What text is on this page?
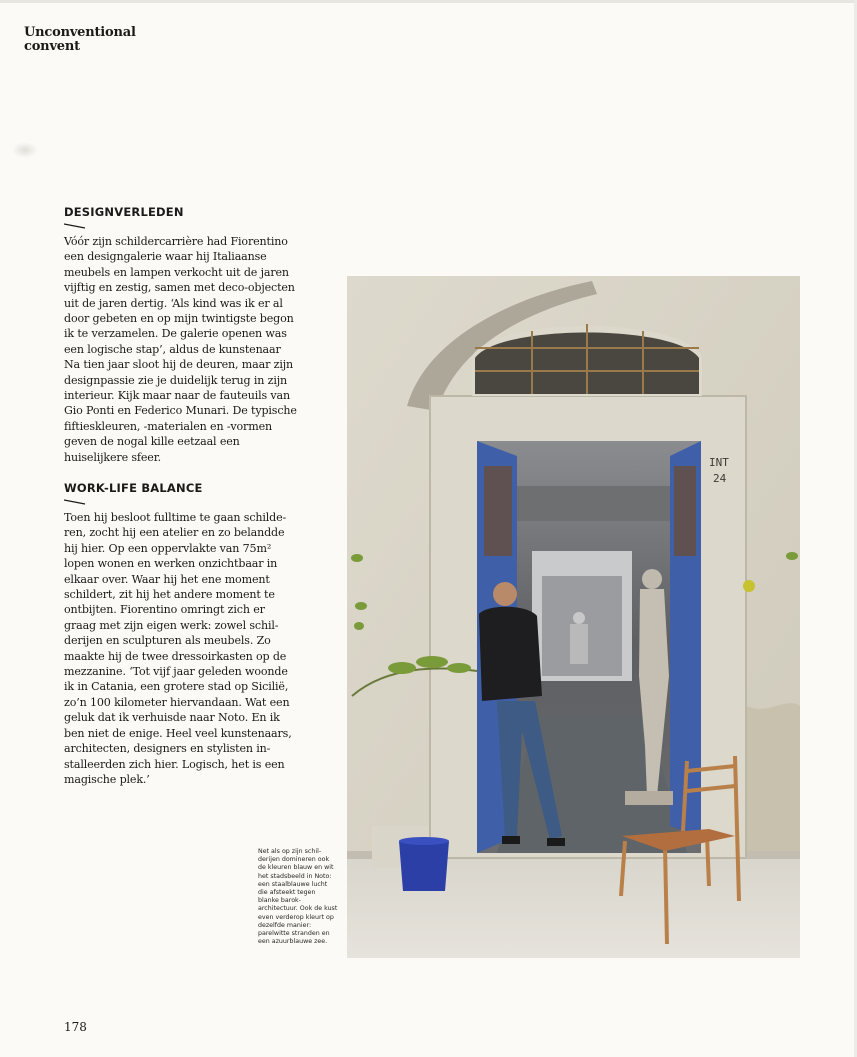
Unconventional
convent
DESIGNVERLEDEN

Vóór zijn schildercarrière had Fiorentino een designgalerie waar hij Italiaanse meubels en lampen verkocht uit de jaren vijftig en zestig, samen met deco-objecten uit de jaren dertig. ‘Als kind was ik er al door gebeten en op mijn twintigste begon ik te verzamelen. De galerie openen was een logische stap’, aldus de kunstenaar Na tien jaar sloot hij de deuren, maar zijn designpassie zie je duidelijk terug in zijn interieur. Kijk maar naar de fauteuils van Gio Ponti en Federico Munari. De typische fiftieskleuren, -materialen en -vormen geven de nogal kille eetzaal een huiselijkere sfeer.

WORK-LIFE BALANCE

Toen hij besloot fulltime te gaan schilderen, zocht hij een atelier en zo belandde hij hier. Op een oppervlakte van 75m² lopen wonen en werken onzichtbaar in elkaar over. Waar hij het ene moment schildert, zit hij het andere moment te ontbijten. Fiorentino omringt zich er graag met zijn eigen werk: zowel schilderijen en sculpturen als meubels. Zo maakte hij de twee dressoirkasten op de mezzanine. ‘Tot vijf jaar geleden woonde ik in Catania, een grotere stad op Sicilië, zo’n 100 kilometer hiervandaan. Wat een geluk dat ik verhuisde naar Noto. En ik ben niet de enige. Heel veel kunstenaars, architecten, designers en stylisten installeerden zich hier. Logisch, het is een magische plek.’

INT
24

Net als op zijn schilderijen domineren ook de kleuren blauw en wit het stadsbeeld in Noto: een staalblauwe lucht die afsteekt tegen blanke barokarchitectuur. Ook de kust even verderop kleurt op dezelfde manier: parelwitte stranden en een azuurblauwe zee.

178
